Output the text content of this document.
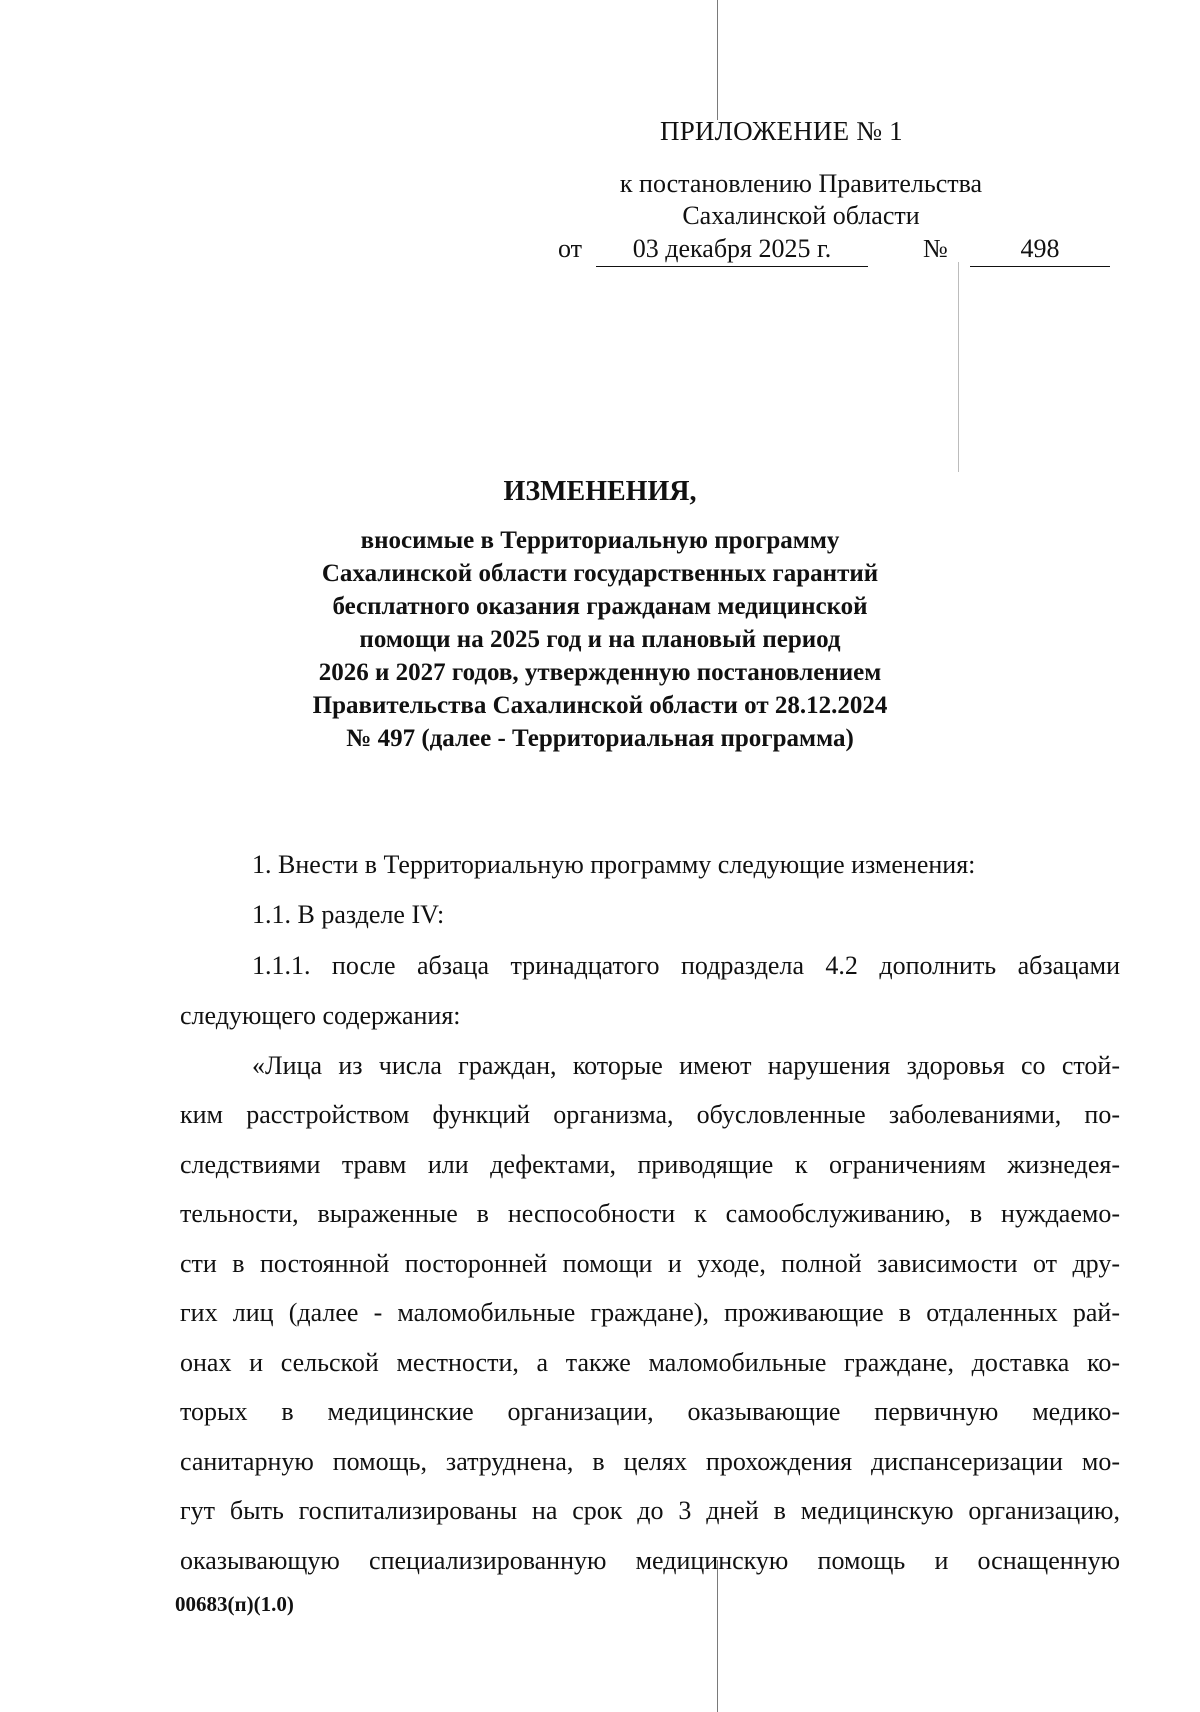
ПРИЛОЖЕНИЕ № 1
к постановлению Правительства
Сахалинской области
от	03 декабря 2025 г.	№	498
ИЗМЕНЕНИЯ,
вносимые в Территориальную программу
Сахалинской области государственных гарантий
бесплатного оказания гражданам медицинской
помощи на 2025 год и на плановый период
2026 и 2027 годов, утвержденную постановлением
Правительства Сахалинской области от 28.12.2024
№ 497 (далее - Территориальная программа)
1. Внести в Территориальную программу следующие изменения:
1.1. В разделе IV:
1.1.1. после абзаца тринадцатого подраздела 4.2 дополнить абзацами
следующего содержания:
«Лица из числа граждан, которые имеют нарушения здоровья со стой-
ким расстройством функций организма, обусловленные заболеваниями, по-
следствиями травм или дефектами, приводящие к ограничениям жизнедея-
тельности, выраженные в неспособности к самообслуживанию, в нуждаемо-
сти в постоянной посторонней помощи и уходе, полной зависимости от дру-
гих лиц (далее - маломобильные граждане), проживающие в отдаленных рай-
онах и сельской местности, а также маломобильные граждане, доставка ко-
торых в медицинские организации, оказывающие первичную медико-
санитарную помощь, затруднена, в целях прохождения диспансеризации мо-
гут быть госпитализированы на срок до 3 дней в медицинскую организацию,
оказывающую специализированную медицинскую помощь и оснащенную
00683(п)(1.0)
